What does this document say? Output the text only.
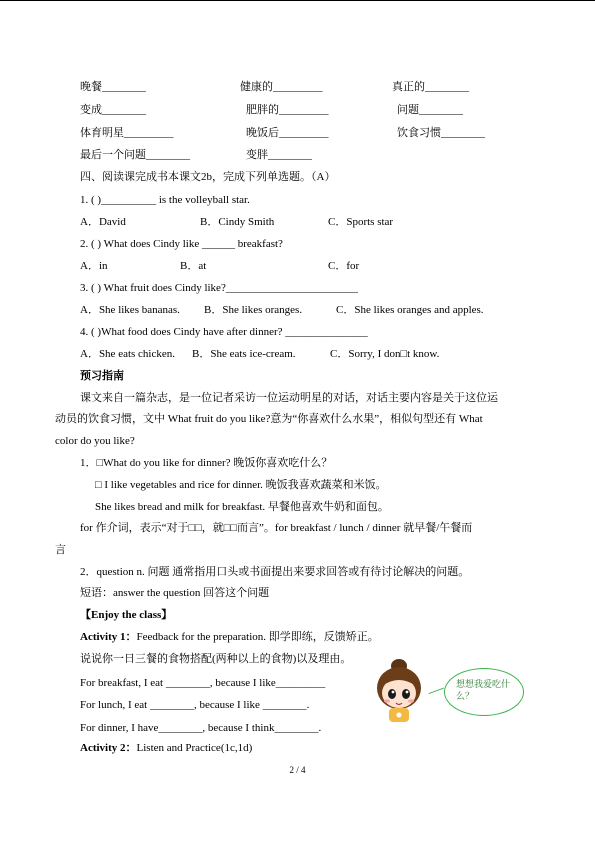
晚餐________	健康的_________	真正的________
变成________	肥胖的_________	问题________
体育明星_________	晚饭后_________	饮食习惯________
最后一个问题________	变胖________
四、阅读课完成书本课文2b，完成下列单选题。（A）
1. ( )__________ is the volleyball star.
A．David	B．Cindy Smith	C．Sports star
2. ( ) What does Cindy like ______ breakfast?
A．in	B．at	C．for
3. ( ) What fruit does Cindy like?________________________
A．She likes bananas. B．She likes oranges.	C．She likes oranges and apples.
4. ( )What food does Cindy have after dinner? _______________
A．She eats chicken. B．She eats ice-cream.	C．Sorry, I don□t know.
预习指南
课文来自一篇杂志，是一位记者采访一位运动明星的对话，对话主要内容是关于这位运
动员的饮食习惯，文中 What fruit do you like?意为“你喜欢什么水果”，相似句型还有 What
color do you like?
1．□What do you like for dinner? 晚饭你喜欢吃什么？
□ I like vegetables and rice for dinner. 晚饭我喜欢蔬菜和米饭。
She likes bread and milk for breakfast. 早餐他喜欢牛奶和面包。
for 作介词，表示“对于□□，就□□而言”。for breakfast / lunch / dinner 就早餐/午餐而
言
2．question n. 问题 通常指用口头或书面提出来要求回答或有待讨论解决的问题。
短语：answer the question 回答这个问题
【Enjoy the class】
Activity 1：Feedback for the preparation. 即学即练，反馈矫正。
说说你一日三餐的食物搭配(两种以上的食物)以及理由。
For breakfast, I eat ________, because I like_________
For lunch, I eat ________, because I like ________.
For dinner, I have________, because I think________.
想想我爱吃什么？
Activity 2：Listen and Practice(1c,1d)
2 / 4
